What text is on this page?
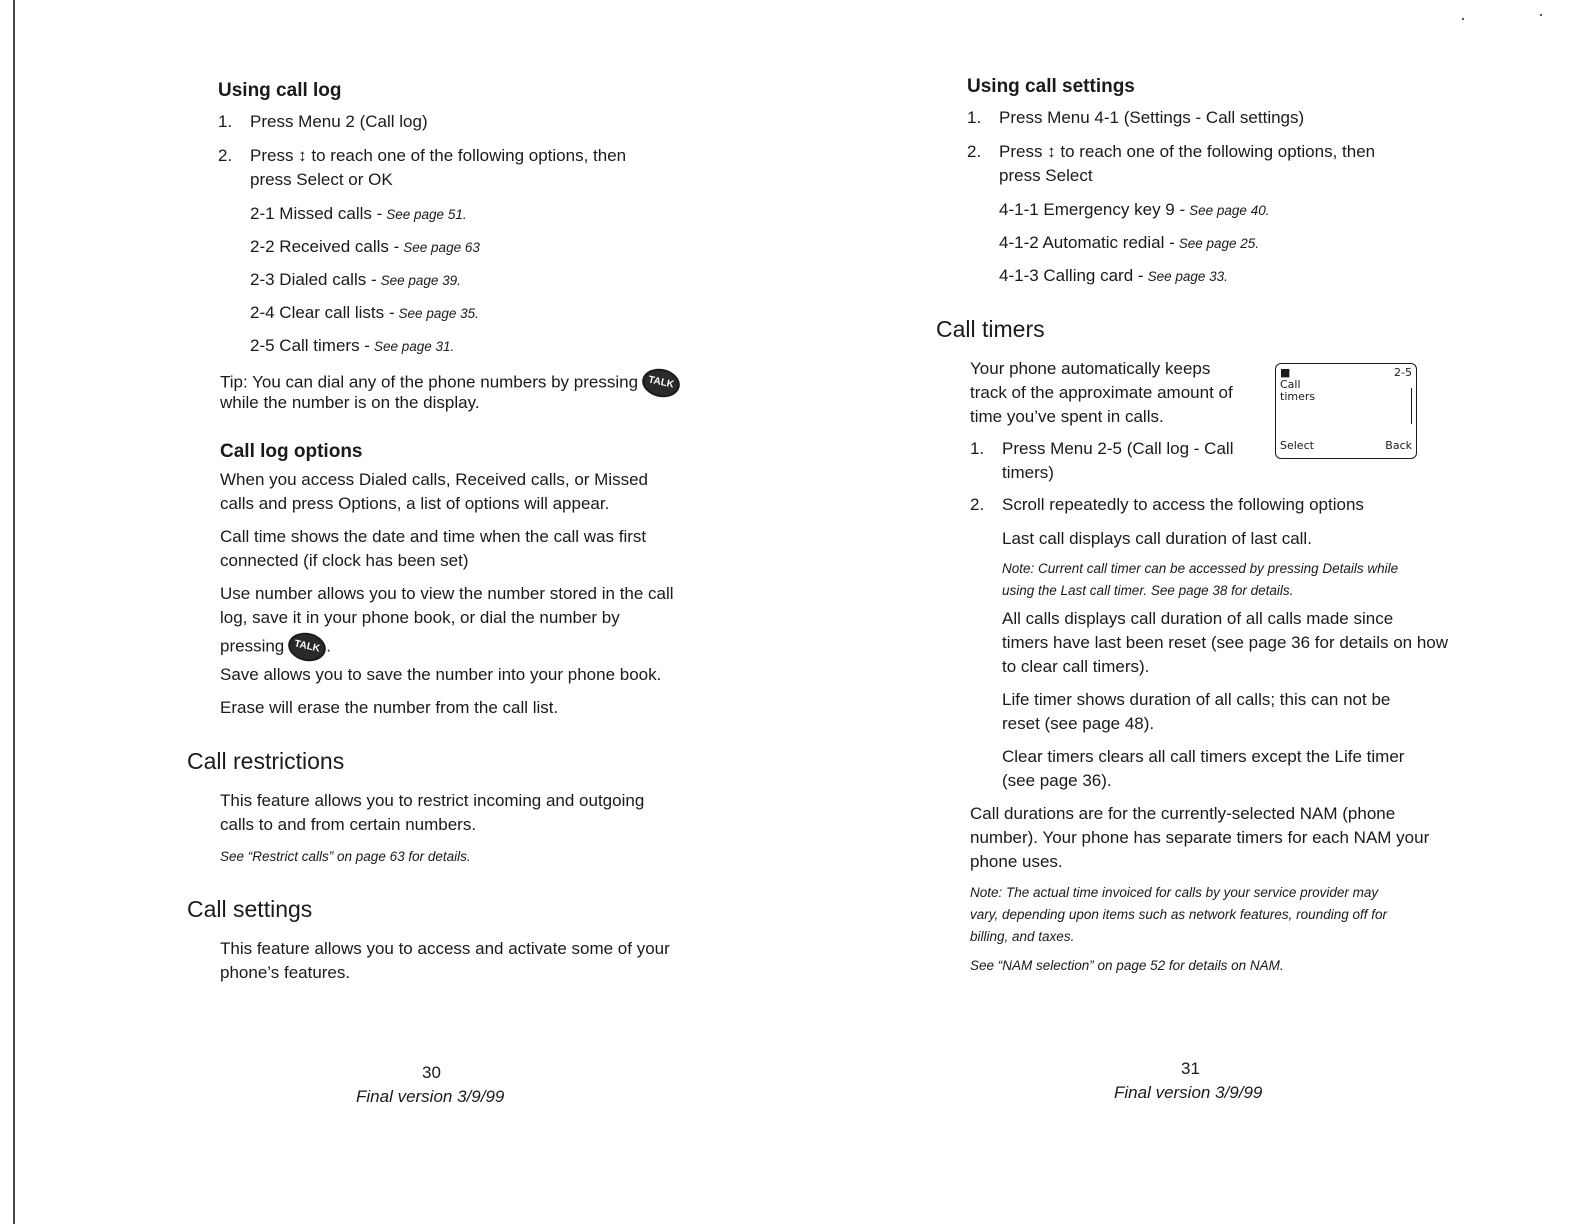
Using call log
1. Press Menu 2 (Call log)
2. Press ↕ to reach one of the following options, then
press Select or OK
2-1 Missed calls - See page 51.
2-2 Received calls - See page 63
2-3 Dialed calls - See page 39.
2-4 Clear call lists - See page 35.
2-5 Call timers - See page 31.
Tip: You can dial any of the phone numbers by pressing TALK
while the number is on the display.
Call log options
When you access Dialed calls, Received calls, or Missed
calls and press Options, a list of options will appear.
Call time shows the date and time when the call was first
connected (if clock has been set)
Use number allows you to view the number stored in the call
log, save it in your phone book, or dial the number by
pressing TALK .
Save allows you to save the number into your phone book.
Erase will erase the number from the call list.
Call restrictions
This feature allows you to restrict incoming and outgoing
calls to and from certain numbers.
See “Restrict calls” on page 63 for details.
Call settings
This feature allows you to access and activate some of your
phone’s features.
30
Final version 3/9/99
Using call settings
1. Press Menu 4-1 (Settings - Call settings)
2. Press ↕ to reach one of the following options, then
press Select
4-1-1 Emergency key 9 - See page 40.
4-1-2 Automatic redial - See page 25.
4-1-3 Calling card - See page 33.
Call timers
Your phone automatically keeps
track of the approximate amount of
time you’ve spent in calls.
1. Press Menu 2-5 (Call log - Call
timers)
2. Scroll repeatedly to access the following options
Last call displays call duration of last call.
Note: Current call timer can be accessed by pressing Details while
using the Last call timer. See page 38 for details.
All calls displays call duration of all calls made since
timers have last been reset (see page 36 for details on how
to clear call timers).
Life timer shows duration of all calls; this can not be
reset (see page 48).
Clear timers clears all call timers except the Life timer
(see page 36).
Call durations are for the currently-selected NAM (phone
number). Your phone has separate timers for each NAM your
phone uses.
Note: The actual time invoiced for calls by your service provider may
vary, depending upon items such as network features, rounding off for
billing, and taxes.
See “NAM selection” on page 52 for details on NAM.
■	2-5
Call
timers
Select	Back
31
Final version 3/9/99
